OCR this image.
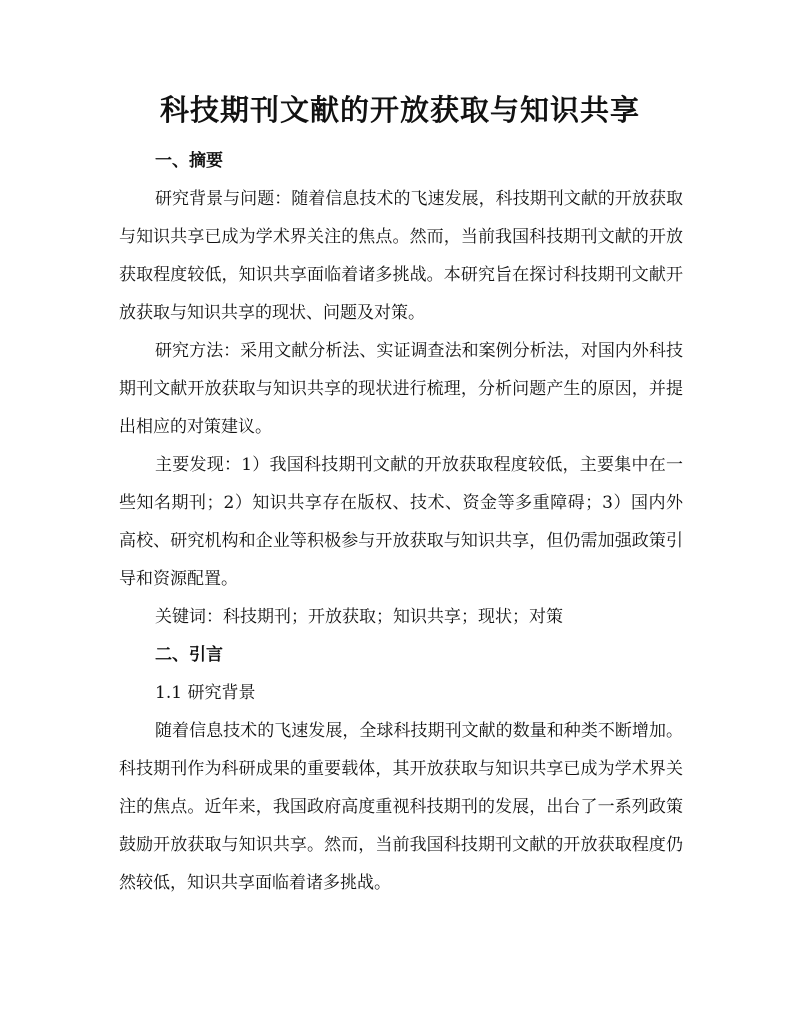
科技期刊文献的开放获取与知识共享

一、摘要

研究背景与问题：随着信息技术的飞速发展，科技期刊文献的开放获取与知识共享已成为学术界关注的焦点。然而，当前我国科技期刊文献的开放获取程度较低，知识共享面临着诸多挑战。本研究旨在探讨科技期刊文献开放获取与知识共享的现状、问题及对策。

研究方法：采用文献分析法、实证调查法和案例分析法，对国内外科技期刊文献开放获取与知识共享的现状进行梳理，分析问题产生的原因，并提出相应的对策建议。

主要发现：1）我国科技期刊文献的开放获取程度较低，主要集中在一些知名期刊；2）知识共享存在版权、技术、资金等多重障碍；3）国内外高校、研究机构和企业等积极参与开放获取与知识共享，但仍需加强政策引导和资源配置。

关键词：科技期刊；开放获取；知识共享；现状；对策

二、引言

1.1 研究背景

随着信息技术的飞速发展，全球科技期刊文献的数量和种类不断增加。科技期刊作为科研成果的重要载体，其开放获取与知识共享已成为学术界关注的焦点。近年来，我国政府高度重视科技期刊的发展，出台了一系列政策鼓励开放获取与知识共享。然而，当前我国科技期刊文献的开放获取程度仍然较低，知识共享面临着诸多挑战。
